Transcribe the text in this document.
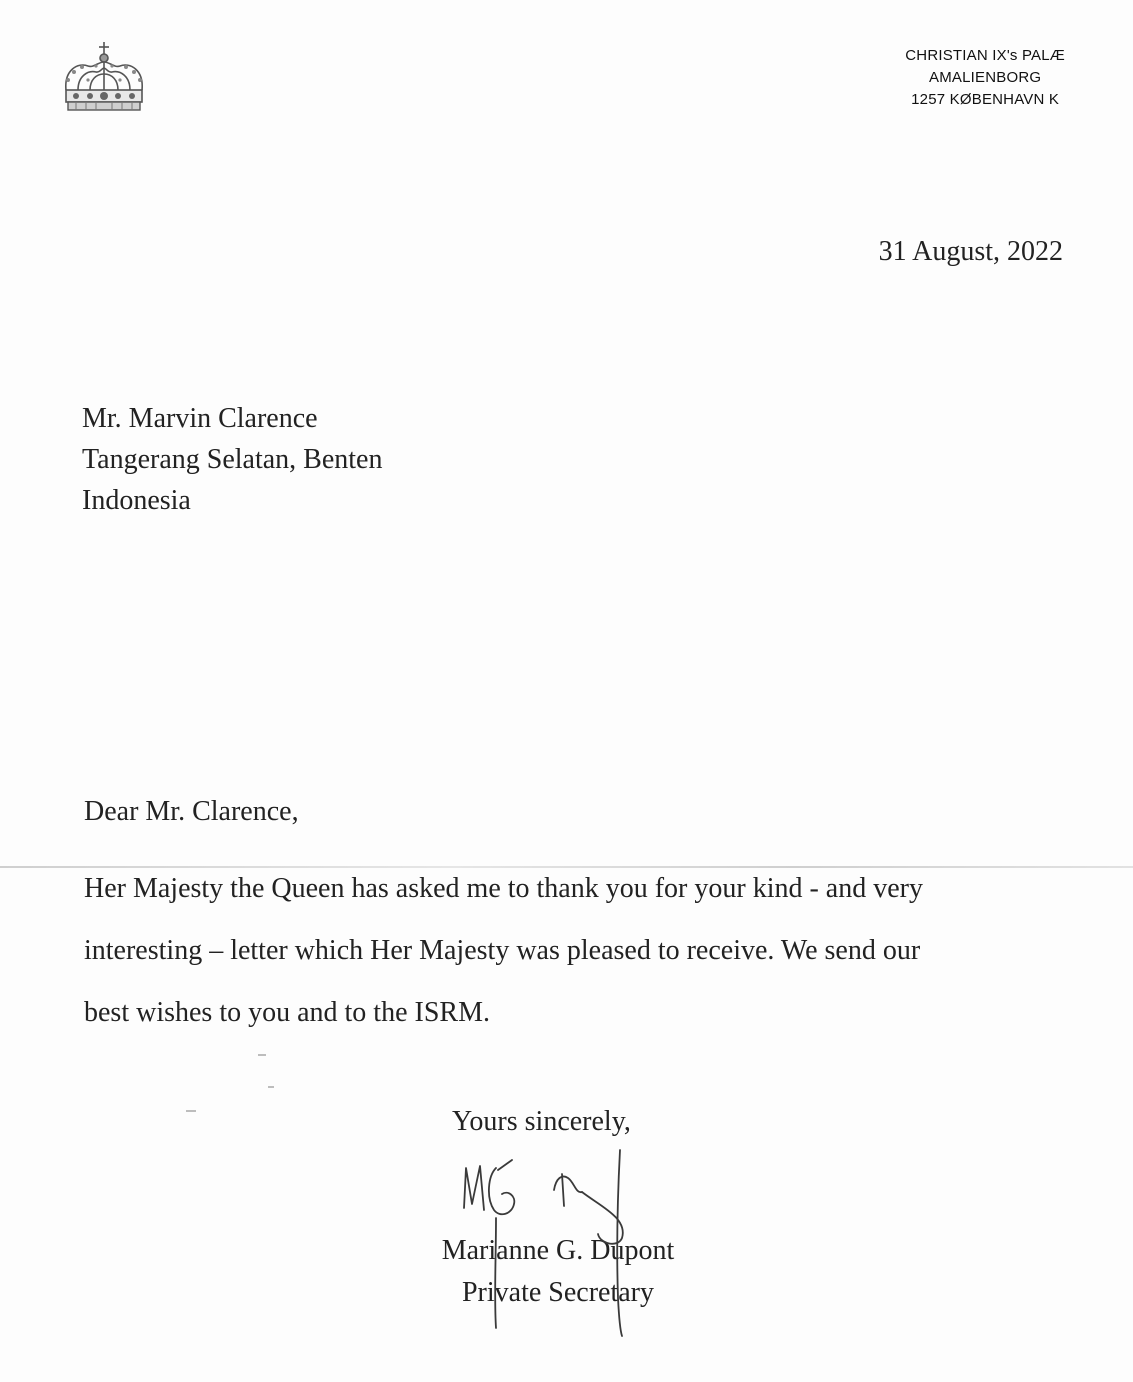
CHRISTIAN IX's PALÆ
AMALIENBORG
1257 KØBENHAVN K
31 August, 2022
Mr. Marvin Clarence
Tangerang Selatan, Benten
Indonesia
Dear Mr. Clarence,
Her Majesty the Queen has asked me to thank you for your kind - and very
interesting – letter which Her Majesty was pleased to receive. We send our
best wishes to you and to the ISRM.
Yours sincerely,
Marianne G. Dupont
Private Secretary
